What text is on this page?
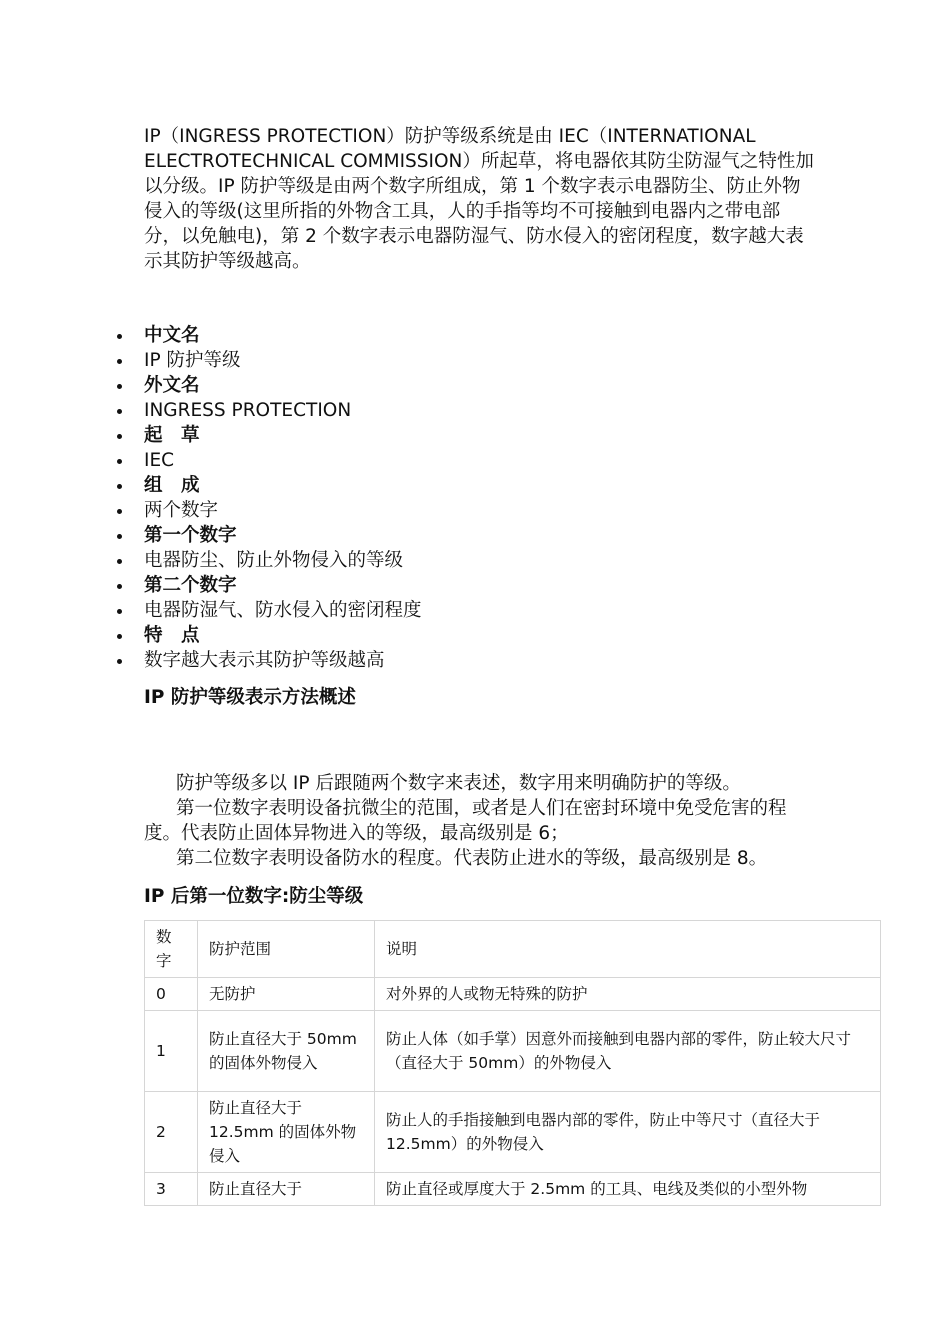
IP（INGRESS PROTECTION）防护等级系统是由 IEC（INTERNATIONAL ELECTROTECHNICAL COMMISSION）所起草，将电器依其防尘防湿气之特性加以分级。IP 防护等级是由两个数字所组成，第 1 个数字表示电器防尘、防止外物侵入的等级(这里所指的外物含工具，人的手指等均不可接触到电器内之带电部分，以免触电)，第 2 个数字表示电器防湿气、防水侵入的密闭程度，数字越大表示其防护等级越高。

中文名
IP 防护等级
外文名
INGRESS PROTECTION
起　草
IEC
组　成
两个数字
第一个数字
电器防尘、防止外物侵入的等级
第二个数字
电器防湿气、防水侵入的密闭程度
特　点
数字越大表示其防护等级越高
IP 防护等级表示方法概述

防护等级多以 IP 后跟随两个数字来表述，数字用来明确防护的等级。

第一位数字表明设备抗微尘的范围，或者是人们在密封环境中免受危害的程度。代表防止固体异物进入的等级，最高级别是 6；

第二位数字表明设备防水的程度。代表防止进水的等级，最高级别是 8。

IP 后第一位数字:防尘等级
数字	防护范围	说明
0	无防护	对外界的人或物无特殊的防护
1	防止直径大于 50mm 的固体外物侵入	防止人体（如手掌）因意外而接触到电器内部的零件，防止较大尺寸（直径大于 50mm）的外物侵入
2	防止直径大于 12.5mm 的固体外物侵入	防止人的手指接触到电器内部的零件，防止中等尺寸（直径大于 12.5mm）的外物侵入
3	防止直径大于	防止直径或厚度大于 2.5mm 的工具、电线及类似的小型外物
